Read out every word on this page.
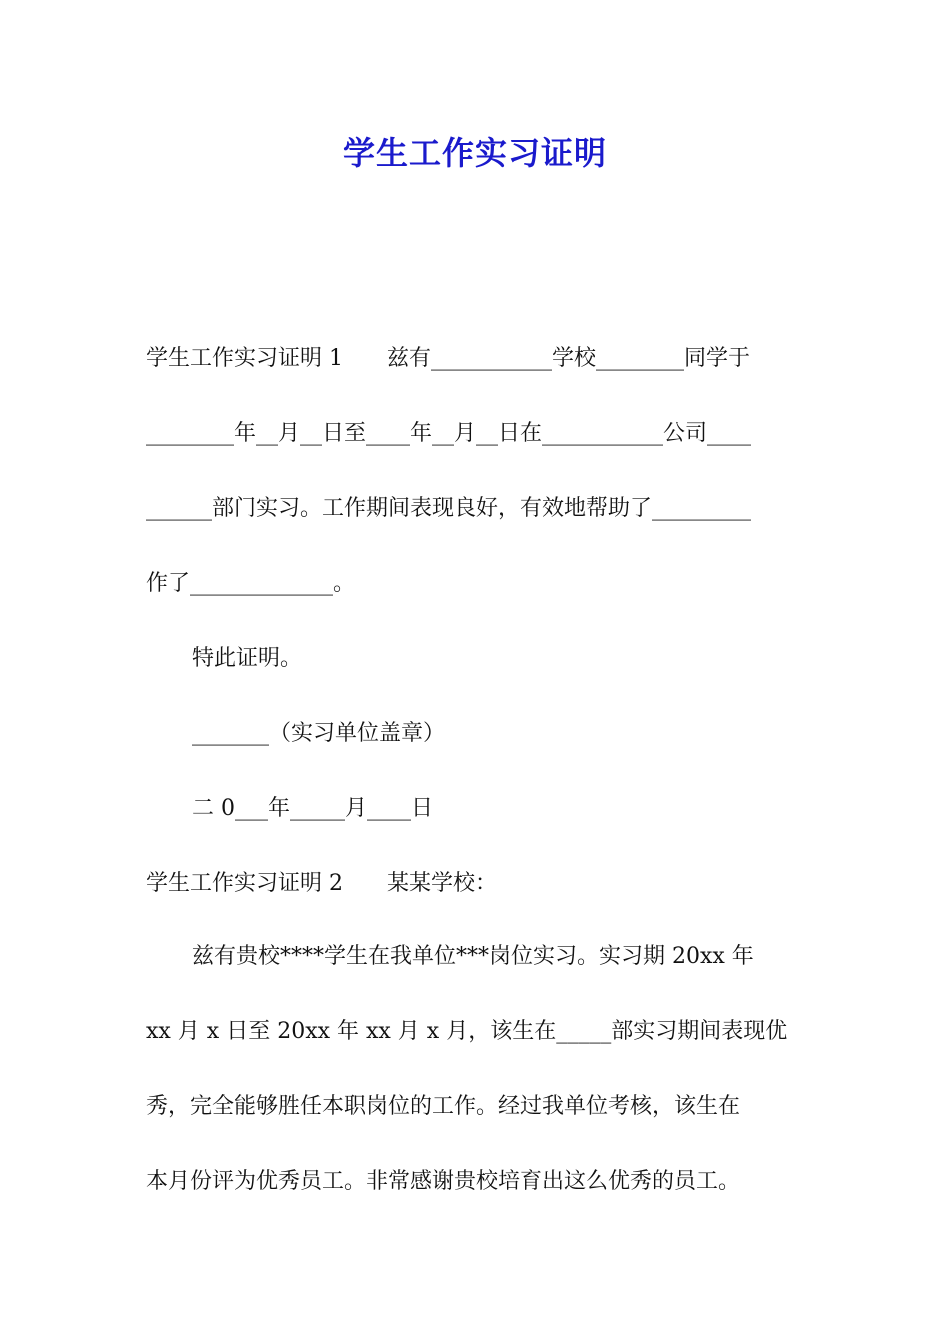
学生工作实习证明

学生工作实习证明 1　　兹有___________学校________同学于

________年__月__日至____年__月__日在___________公司____

______部门实习。工作期间表现良好，有效地帮助了_________

作了_____________。

特此证明。

_______（实习单位盖章）

二 0___年_____月____日

学生工作实习证明 2　　某某学校：

兹有贵校****学生在我单位***岗位实习。实习期 20xx 年

xx 月 x 日至 20xx 年 xx 月 x 月，该生在_____部实习期间表现优

秀，完全能够胜任本职岗位的工作。经过我单位考核，该生在

本月份评为优秀员工。非常感谢贵校培育出这么优秀的员工。
